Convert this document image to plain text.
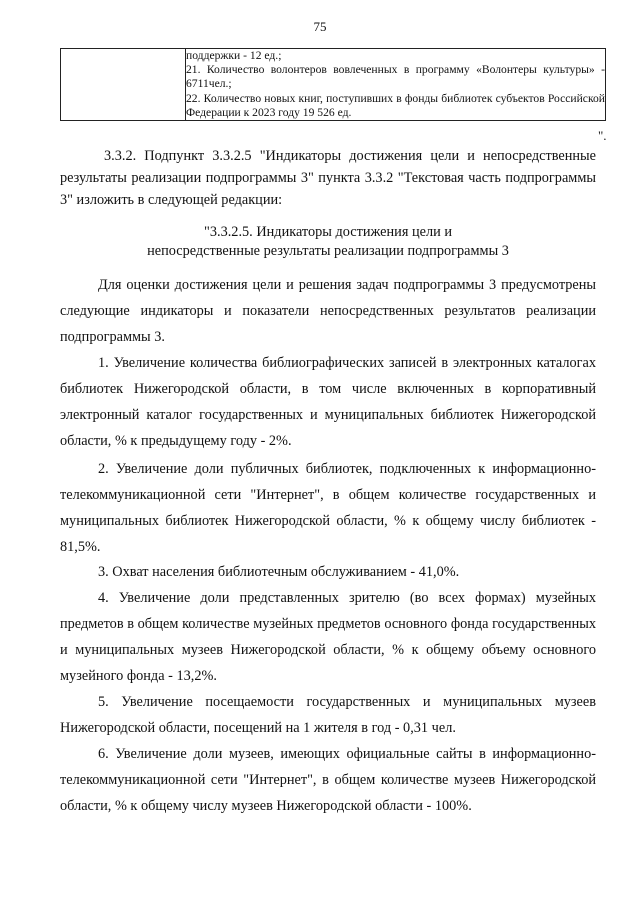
75

поддержки - 12 ед.;
21. Количество волонтеров вовлеченных в программу «Волонтеры культуры» - 6711чел.;
22. Количество новых книг, поступивших в фонды библиотек субъектов Российской Федерации к 2023 году 19 526 ед.
".
3.3.2. Подпункт 3.3.2.5 "Индикаторы достижения цели и непосредственные результаты реализации подпрограммы 3" пункта 3.3.2 "Текстовая часть подпрограммы 3" изложить в следующей редакции:
"3.3.2.5. Индикаторы достижения цели и
непосредственные результаты реализации подпрограммы 3
Для оценки достижения цели и решения задач подпрограммы 3 предусмотрены следующие индикаторы и показатели непосредственных результатов реализации подпрограммы 3.
1. Увеличение количества библиографических записей в электронных каталогах библиотек Нижегородской области, в том числе включенных в корпоративный электронный каталог государственных и муниципальных библиотек Нижегородской области, % к предыдущему году - 2%.
2. Увеличение доли публичных библиотек, подключенных к информационно-телекоммуникационной сети "Интернет", в общем количестве государственных и муниципальных библиотек Нижегородской области, % к общему числу библиотек - 81,5%.
3. Охват населения библиотечным обслуживанием - 41,0%.
4. Увеличение доли представленных зрителю (во всех формах) музейных предметов в общем количестве музейных предметов основного фонда государственных и муниципальных музеев Нижегородской области, % к общему объему основного музейного фонда - 13,2%.
5. Увеличение посещаемости государственных и муниципальных музеев Нижегородской области, посещений на 1 жителя в год - 0,31 чел.
6. Увеличение доли музеев, имеющих официальные сайты в информационно-телекоммуникационной сети "Интернет", в общем количестве музеев Нижегородской области, % к общему числу музеев Нижегородской области - 100%.
